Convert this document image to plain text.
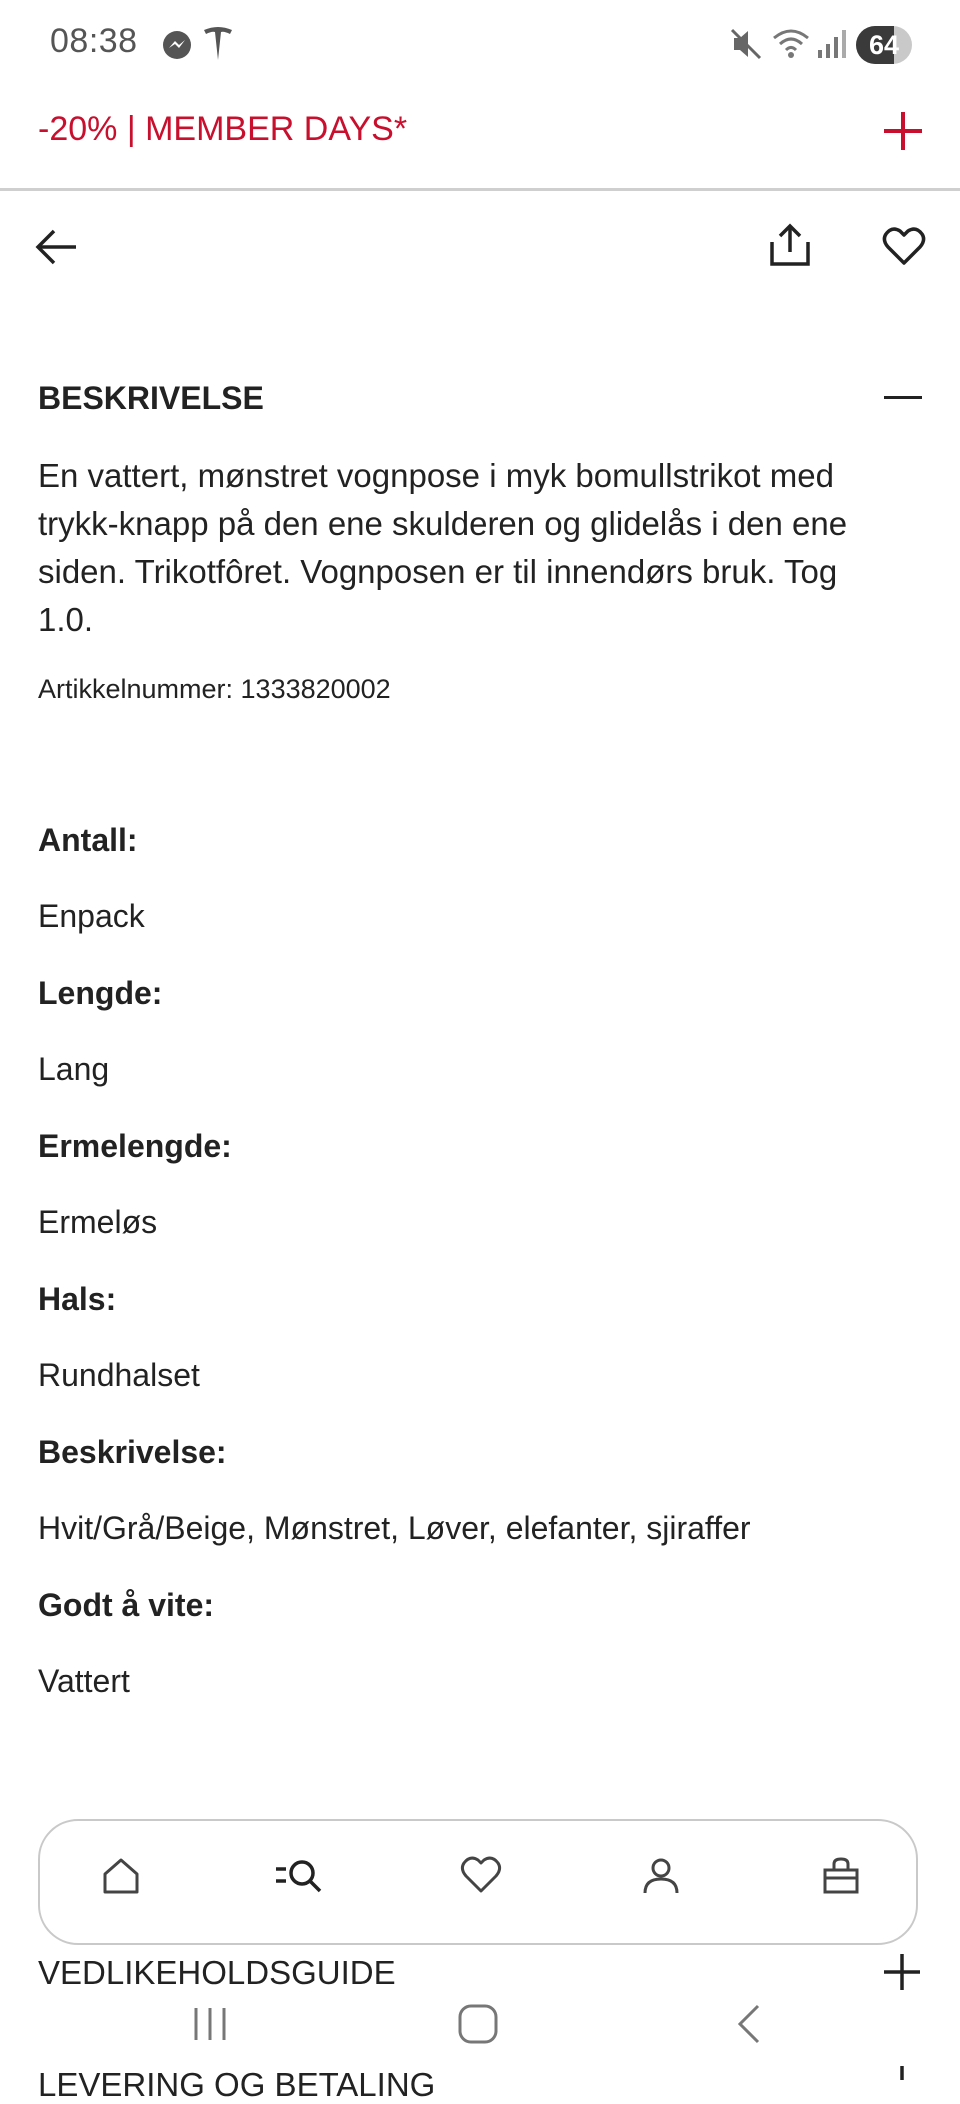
08:38	64
-20% | MEMBER DAYS*
BESKRIVELSE
En vattert, mønstret vognpose i myk bomullstrikot med trykk-knapp på den ene skulderen og glidelås i den ene siden. Trikotfôret. Vognposen er til innendørs bruk. Tog 1.0.
Artikkelnummer: 1333820002
Antall:
Enpack
Lengde:
Lang
Ermelengde:
Ermeløs
Hals:
Rundhalset
Beskrivelse:
Hvit/Grå/Beige, Mønstret, Løver, elefanter, sjiraffer
Godt å vite:
Vattert
VEDLIKEHOLDSGUIDE
LEVERING OG BETALING
